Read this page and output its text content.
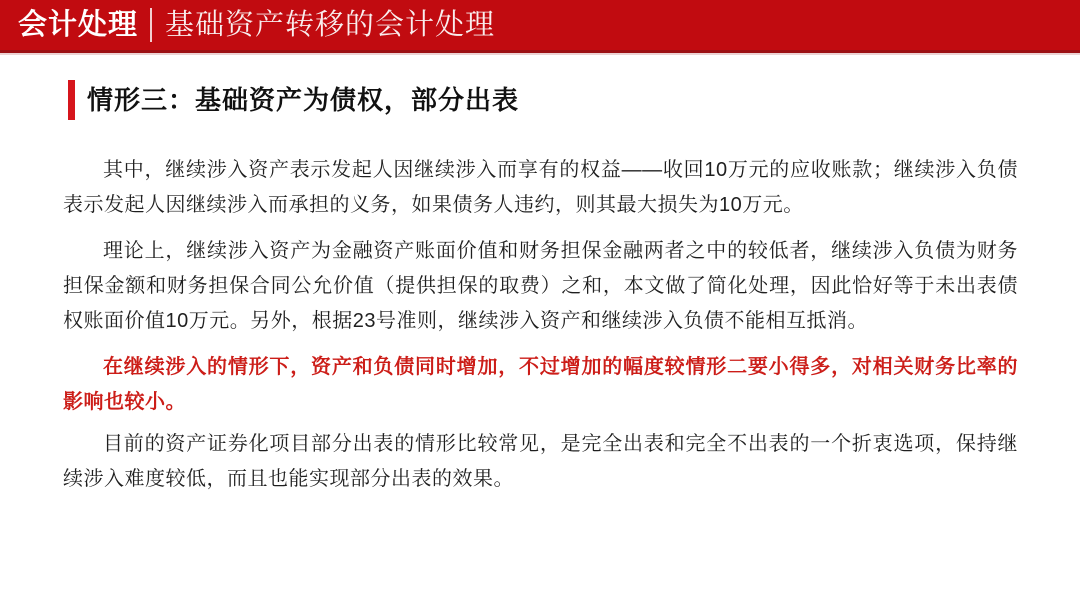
会计处理 基础资产转移的会计处理
情形三：基础资产为债权，部分出表

其中，继续涉入资产表示发起人因继续涉入而享有的权益——收回10万元的应收账款；继续涉入负债表示发起人因继续涉入而承担的义务，如果债务人违约，则其最大损失为10万元。

理论上，继续涉入资产为金融资产账面价值和财务担保金融两者之中的较低者，继续涉入负债为财务担保金额和财务担保合同公允价值（提供担保的取费）之和，本文做了简化处理，因此恰好等于未出表债权账面价值10万元。另外，根据23号准则，继续涉入资产和继续涉入负债不能相互抵消。

在继续涉入的情形下，资产和负债同时增加，不过增加的幅度较情形二要小得多，对相关财务比率的影响也较小。

目前的资产证券化项目部分出表的情形比较常见，是完全出表和完全不出表的一个折衷选项，保持继续涉入难度较低，而且也能实现部分出表的效果。
